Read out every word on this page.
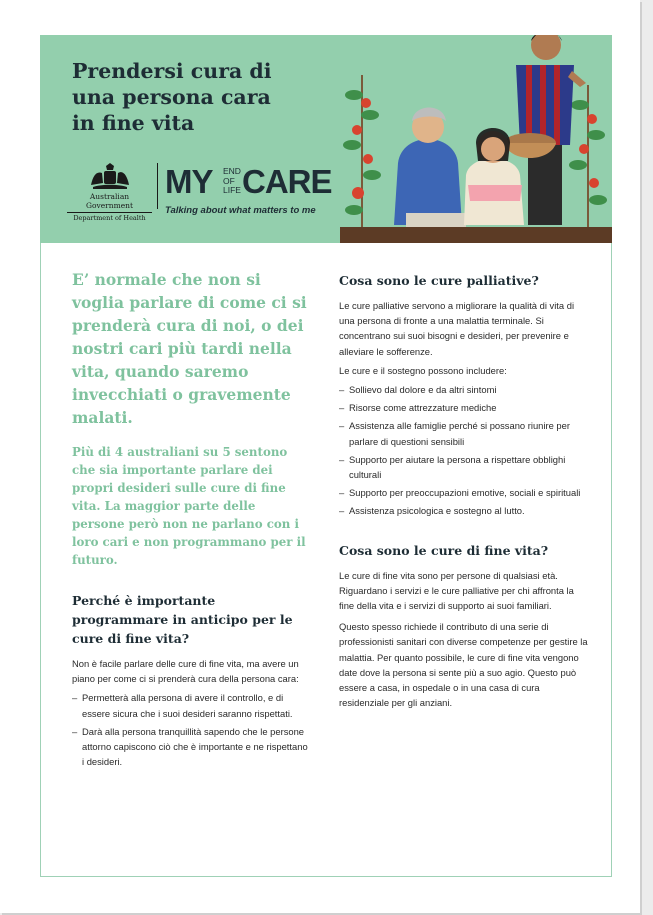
Prendersi cura di
una persona cara
in fine vita
Australian Government
Department of Health
MY END
OF
LIFE CARE
Talking about what matters to me

E’ normale che non si voglia parlare di come ci si prenderà cura di noi, o dei nostri cari più tardi nella vita, quando saremo invecchiati o gravemente malati.

Più di 4 australiani su 5 sentono che sia importante parlare dei propri desideri sulle cure di fine vita. La maggior parte delle persone però non ne parlano con i loro cari e non programmano per il futuro.

Perché è importante programmare in anticipo per le cure di fine vita?

Non è facile parlare delle cure di fine vita, ma avere un piano per come ci si prenderà cura della persona cara:

– Permetterà alla persona di avere il controllo, e di essere sicura che i suoi desideri saranno rispettati.
– Darà alla persona tranquillità sapendo che le persone attorno capiscono ciò che è importante e ne rispettano i desideri.
Cosa sono le cure palliative?

Le cure palliative servono a migliorare la qualità di vita di una persona di fronte a una malattia terminale. Si concentrano sui suoi bisogni e desideri, per prevenire e alleviare le sofferenze.

Le cure e il sostegno possono includere:

– Sollievo dal dolore e da altri sintomi
– Risorse come attrezzature mediche
– Assistenza alle famiglie perché si possano riunire per parlare di questioni sensibili
– Supporto per aiutare la persona a rispettare obblighi culturali
– Supporto per preoccupazioni emotive, sociali e spirituali
– Assistenza psicologica e sostegno al lutto.
Cosa sono le cure di fine vita?

Le cure di fine vita sono per persone di qualsiasi età. Riguardano i servizi e le cure palliative per chi affronta la fine della vita e i servizi di supporto ai suoi familiari.

Questo spesso richiede il contributo di una serie di professionisti sanitari con diverse competenze per gestire la malattia. Per quanto possibile, le cure di fine vita vengono date dove la persona si sente più a suo agio. Questo può essere a casa, in ospedale o in una casa di cura residenziale per gli anziani.
